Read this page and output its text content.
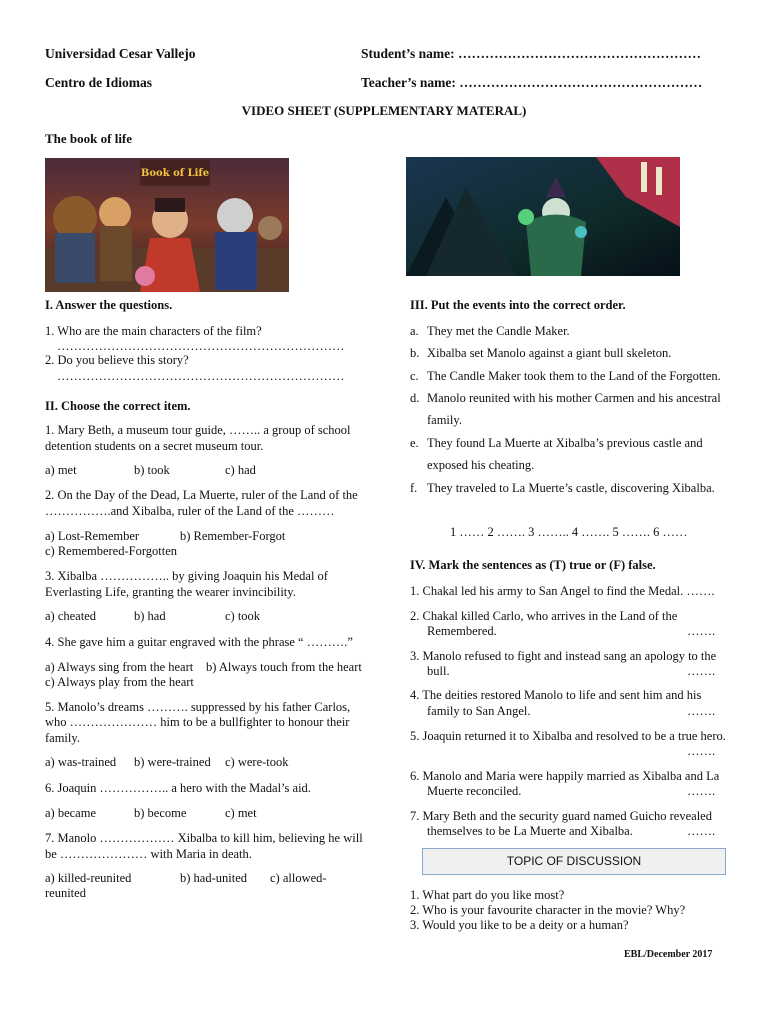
Universidad Cesar Vallejo
Centro de Idiomas
Student’s name: ………………………………………………
Teacher’s name: ………………………………………………
VIDEO SHEET (SUPPLEMENTARY MATERAL)
The book of life
Book of Life
I. Answer the questions.
1. Who are the main characters of the film?
……………………………………………………………
2. Do you believe this story?
……………………………………………………………
II. Choose the correct item.
1. Mary Beth, a museum tour guide, …….. a group of school
detention students on a secret museum tour.
a) met	b) took	c) had
2. On the Day of the Dead, La Muerte, ruler of the Land of the
…………….and Xibalba, ruler of the Land of the ………
a) Lost-Remember	b) Remember-Forgot
c) Remembered-Forgotten
3. Xibalba …………….. by giving Joaquin his Medal of
Everlasting Life, granting the wearer invincibility.
a) cheated	b) had	c) took
4. She gave him a guitar engraved with the phrase “ ……….”
a) Always sing from the heart b) Always touch from the heart
c) Always play from the heart
5. Manolo’s dreams ………. suppressed by his father Carlos,
who ………………… him to be a bullfighter to honour their
family.
a) was-trained b) were-trained c) were-took
6. Joaquin …………….. a hero with the Madal’s aid.
a) became	b) become	c) met
7. Manolo ……………… Xibalba to kill him, believing he will
be ………………… with Maria in death.
a) killed-reunited	b) had-united c) allowed-
reunited
III. Put the events into the correct order.
a. They met the Candle Maker.
b. Xibalba set Manolo against a giant bull skeleton.
c. The Candle Maker took them to the Land of the Forgotten.
d. Manolo reunited with his mother Carmen and his ancestral
family.
e. They found La Muerte at Xibalba’s previous castle and
exposed his cheating.
f. They traveled to La Muerte’s castle, discovering Xibalba.
1 …… 2 ……. 3 …….. 4 ……. 5 ……. 6 ……
IV. Mark the sentences as (T) true or (F) false.
1. Chakal led his army to San Angel to find the Medal. …….
2. Chakal killed Carlo, who arrives in the Land of the
Remembered.	…….
3. Manolo refused to fight and instead sang an apology to the
bull.	…….
4. The deities restored Manolo to life and sent him and his
family to San Angel.	…….
5. Joaquin returned it to Xibalba and resolved to be a true hero.
…….
6. Manolo and Maria were happily married as Xibalba and La
Muerte reconciled.	…….
7. Mary Beth and the security guard named Guicho revealed
themselves to be La Muerte and Xibalba.	…….
TOPIC OF DISCUSSION
1. What part do you like most?
2. Who is your favourite character in the movie? Why?
3. Would you like to be a deity or a human?
EBL/December 2017
